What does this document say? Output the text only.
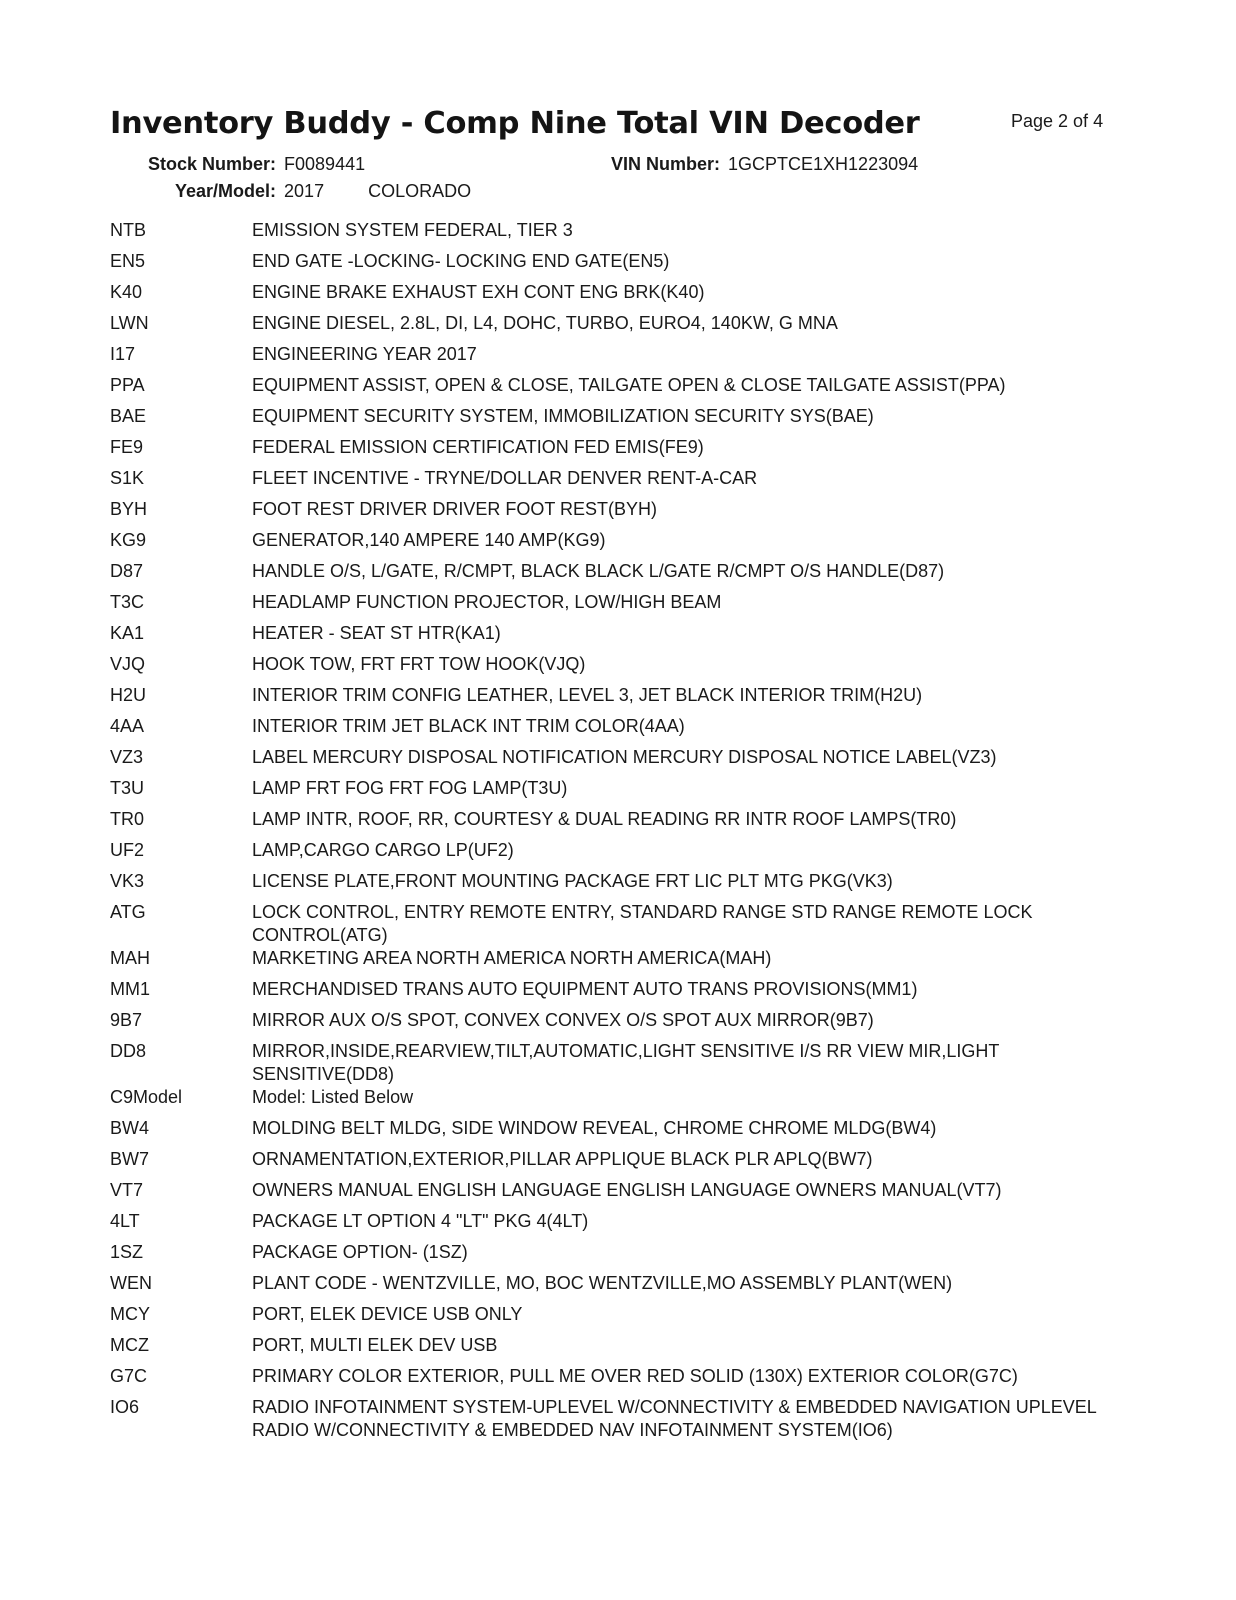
Inventory Buddy - Comp Nine Total VIN Decoder	Page 2 of 4
Stock Number: F0089441	VIN Number: 1GCPTCE1XH1223094
Year/Model: 2017 COLORADO
NTB	EMISSION SYSTEM FEDERAL, TIER 3
EN5	END GATE -LOCKING- LOCKING END GATE(EN5)
K40	ENGINE BRAKE EXHAUST EXH CONT ENG BRK(K40)
LWN	ENGINE DIESEL, 2.8L, DI, L4, DOHC, TURBO, EURO4, 140KW, G MNA
I17	ENGINEERING YEAR 2017
PPA	EQUIPMENT ASSIST, OPEN & CLOSE, TAILGATE OPEN & CLOSE TAILGATE ASSIST(PPA)
BAE	EQUIPMENT SECURITY SYSTEM, IMMOBILIZATION SECURITY SYS(BAE)
FE9	FEDERAL EMISSION CERTIFICATION FED EMIS(FE9)
S1K	FLEET INCENTIVE - TRYNE/DOLLAR DENVER RENT-A-CAR
BYH	FOOT REST DRIVER DRIVER FOOT REST(BYH)
KG9	GENERATOR,140 AMPERE 140 AMP(KG9)
D87	HANDLE O/S, L/GATE, R/CMPT, BLACK BLACK L/GATE R/CMPT O/S HANDLE(D87)
T3C	HEADLAMP FUNCTION PROJECTOR, LOW/HIGH BEAM
KA1	HEATER - SEAT ST HTR(KA1)
VJQ	HOOK TOW, FRT FRT TOW HOOK(VJQ)
H2U	INTERIOR TRIM CONFIG LEATHER, LEVEL 3, JET BLACK INTERIOR TRIM(H2U)
4AA	INTERIOR TRIM JET BLACK INT TRIM COLOR(4AA)
VZ3	LABEL MERCURY DISPOSAL NOTIFICATION MERCURY DISPOSAL NOTICE LABEL(VZ3)
T3U	LAMP FRT FOG FRT FOG LAMP(T3U)
TR0	LAMP INTR, ROOF, RR, COURTESY & DUAL READING RR INTR ROOF LAMPS(TR0)
UF2	LAMP,CARGO CARGO LP(UF2)
VK3	LICENSE PLATE,FRONT MOUNTING PACKAGE FRT LIC PLT MTG PKG(VK3)
ATG	LOCK CONTROL, ENTRY REMOTE ENTRY, STANDARD RANGE STD RANGE REMOTE LOCK CONTROL(ATG)
MAH	MARKETING AREA NORTH AMERICA NORTH AMERICA(MAH)
MM1	MERCHANDISED TRANS AUTO EQUIPMENT AUTO TRANS PROVISIONS(MM1)
9B7	MIRROR AUX O/S SPOT, CONVEX CONVEX O/S SPOT AUX MIRROR(9B7)
DD8	MIRROR,INSIDE,REARVIEW,TILT,AUTOMATIC,LIGHT SENSITIVE I/S RR VIEW MIR,LIGHT SENSITIVE(DD8)
C9Model	Model: Listed Below
BW4	MOLDING BELT MLDG, SIDE WINDOW REVEAL, CHROME CHROME MLDG(BW4)
BW7	ORNAMENTATION,EXTERIOR,PILLAR APPLIQUE BLACK PLR APLQ(BW7)
VT7	OWNERS MANUAL ENGLISH LANGUAGE ENGLISH LANGUAGE OWNERS MANUAL(VT7)
4LT	PACKAGE LT OPTION 4 "LT" PKG 4(4LT)
1SZ	PACKAGE OPTION- (1SZ)
WEN	PLANT CODE - WENTZVILLE, MO, BOC WENTZVILLE,MO ASSEMBLY PLANT(WEN)
MCY	PORT, ELEK DEVICE USB ONLY
MCZ	PORT, MULTI ELEK DEV USB
G7C	PRIMARY COLOR EXTERIOR, PULL ME OVER RED SOLID (130X) EXTERIOR COLOR(G7C)
IO6	RADIO INFOTAINMENT SYSTEM-UPLEVEL W/CONNECTIVITY & EMBEDDED NAVIGATION UPLEVEL RADIO W/CONNECTIVITY & EMBEDDED NAV INFOTAINMENT SYSTEM(IO6)
